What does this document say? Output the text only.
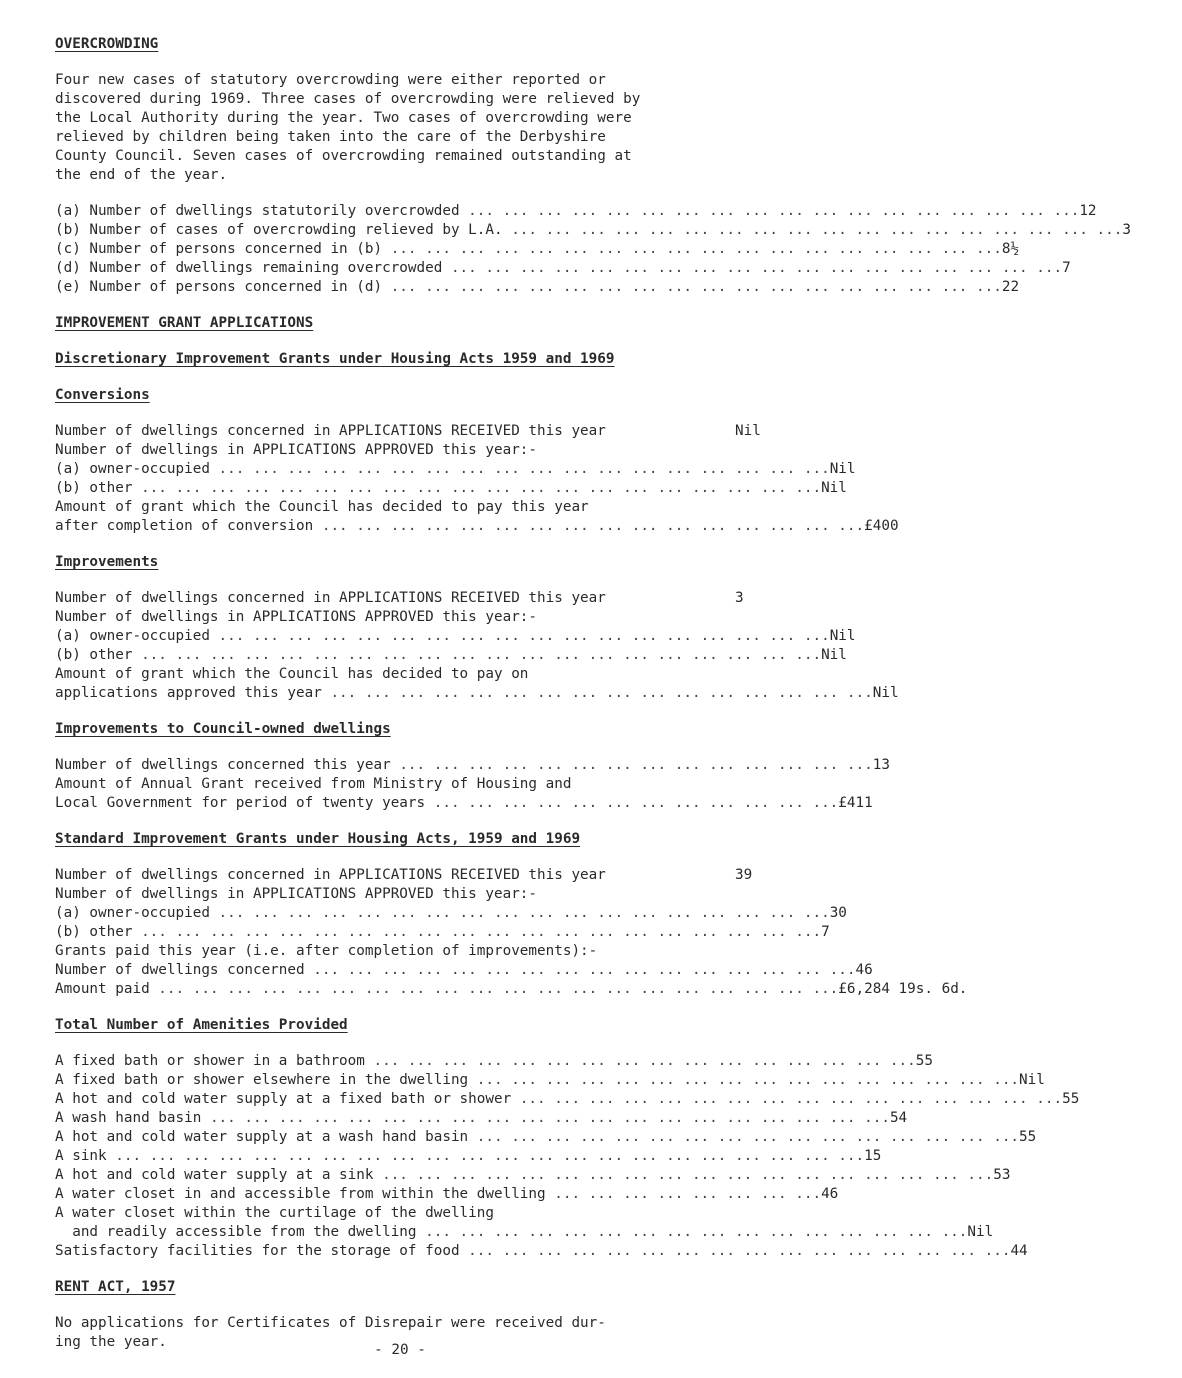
OVERCROWDING

Four new cases of statutory overcrowding were either reported or
discovered during 1969. Three cases of overcrowding were relieved by
the Local Authority during the year. Two cases of overcrowding were
relieved by children being taken into the care of the Derbyshire
County Council. Seven cases of overcrowding remained outstanding at
the end of the year.

(a) Number of dwellings statutorily overcrowded ... ... ... ... ... ... ... ... ... ... ... ... ... ... ... ... ... ... 12
(b) Number of cases of overcrowding relieved by L.A. ... ... ... ... ... ... ... ... ... ... ... ... ... ... ... ... ... ... 3
(c) Number of persons concerned in (b) ... ... ... ... ... ... ... ... ... ... ... ... ... ... ... ... ... ... 8½
(d) Number of dwellings remaining overcrowded ... ... ... ... ... ... ... ... ... ... ... ... ... ... ... ... ... ... 7
(e) Number of persons concerned in (d) ... ... ... ... ... ... ... ... ... ... ... ... ... ... ... ... ... ... 22
IMPROVEMENT GRANT APPLICATIONS
Discretionary Improvement Grants under Housing Acts 1959 and 1969
Conversions
Number of dwellings concerned in APPLICATIONS RECEIVED this year	Nil
Number of dwellings in APPLICATIONS APPROVED this year:-
(a) owner-occupied ... ... ... ... ... ... ... ... ... ... ... ... ... ... ... ... ... ... Nil
(b) other ... ... ... ... ... ... ... ... ... ... ... ... ... ... ... ... ... ... ... ... Nil
Amount of grant which the Council has decided to pay this year
after completion of conversion ... ... ... ... ... ... ... ... ... ... ... ... ... ... ... ... £400
Improvements
Number of dwellings concerned in APPLICATIONS RECEIVED this year	3
Number of dwellings in APPLICATIONS APPROVED this year:-
(a) owner-occupied ... ... ... ... ... ... ... ... ... ... ... ... ... ... ... ... ... ... Nil
(b) other ... ... ... ... ... ... ... ... ... ... ... ... ... ... ... ... ... ... ... ... Nil
Amount of grant which the Council has decided to pay on
applications approved this year ... ... ... ... ... ... ... ... ... ... ... ... ... ... ... ... Nil
Improvements to Council-owned dwellings
Number of dwellings concerned this year ... ... ... ... ... ... ... ... ... ... ... ... ... ... 13
Amount of Annual Grant received from Ministry of Housing and
Local Government for period of twenty years ... ... ... ... ... ... ... ... ... ... ... ... £411
Standard Improvement Grants under Housing Acts, 1959 and 1969
Number of dwellings concerned in APPLICATIONS RECEIVED this year	39
Number of dwellings in APPLICATIONS APPROVED this year:-
(a) owner-occupied ... ... ... ... ... ... ... ... ... ... ... ... ... ... ... ... ... ... 30
(b) other ... ... ... ... ... ... ... ... ... ... ... ... ... ... ... ... ... ... ... ... 7
Grants paid this year (i.e. after completion of improvements):-
Number of dwellings concerned ... ... ... ... ... ... ... ... ... ... ... ... ... ... ... ... 46
Amount paid ... ... ... ... ... ... ... ... ... ... ... ... ... ... ... ... ... ... ... ... £6,284 19s. 6d.
Total Number of Amenities Provided
A fixed bath or shower in a bathroom ... ... ... ... ... ... ... ... ... ... ... ... ... ... ... ... 55
A fixed bath or shower elsewhere in the dwelling ... ... ... ... ... ... ... ... ... ... ... ... ... ... ... ... Nil
A hot and cold water supply at a fixed bath or shower ... ... ... ... ... ... ... ... ... ... ... ... ... ... ... ... 55
A wash hand basin ... ... ... ... ... ... ... ... ... ... ... ... ... ... ... ... ... ... ... ... 54
A hot and cold water supply at a wash hand basin ... ... ... ... ... ... ... ... ... ... ... ... ... ... ... ... 55
A sink ... ... ... ... ... ... ... ... ... ... ... ... ... ... ... ... ... ... ... ... ... ... 15
A hot and cold water supply at a sink ... ... ... ... ... ... ... ... ... ... ... ... ... ... ... ... ... ... 53
A water closet in and accessible from within the dwelling ... ... ... ... ... ... ... ... 46
A water closet within the curtilage of the dwelling
and readily accessible from the dwelling ... ... ... ... ... ... ... ... ... ... ... ... ... ... ... ... Nil
Satisfactory facilities for the storage of food ... ... ... ... ... ... ... ... ... ... ... ... ... ... ... ... 44
RENT ACT, 1957

No applications for Certificates of Disrepair were received dur-
ing the year.	- 20 -
